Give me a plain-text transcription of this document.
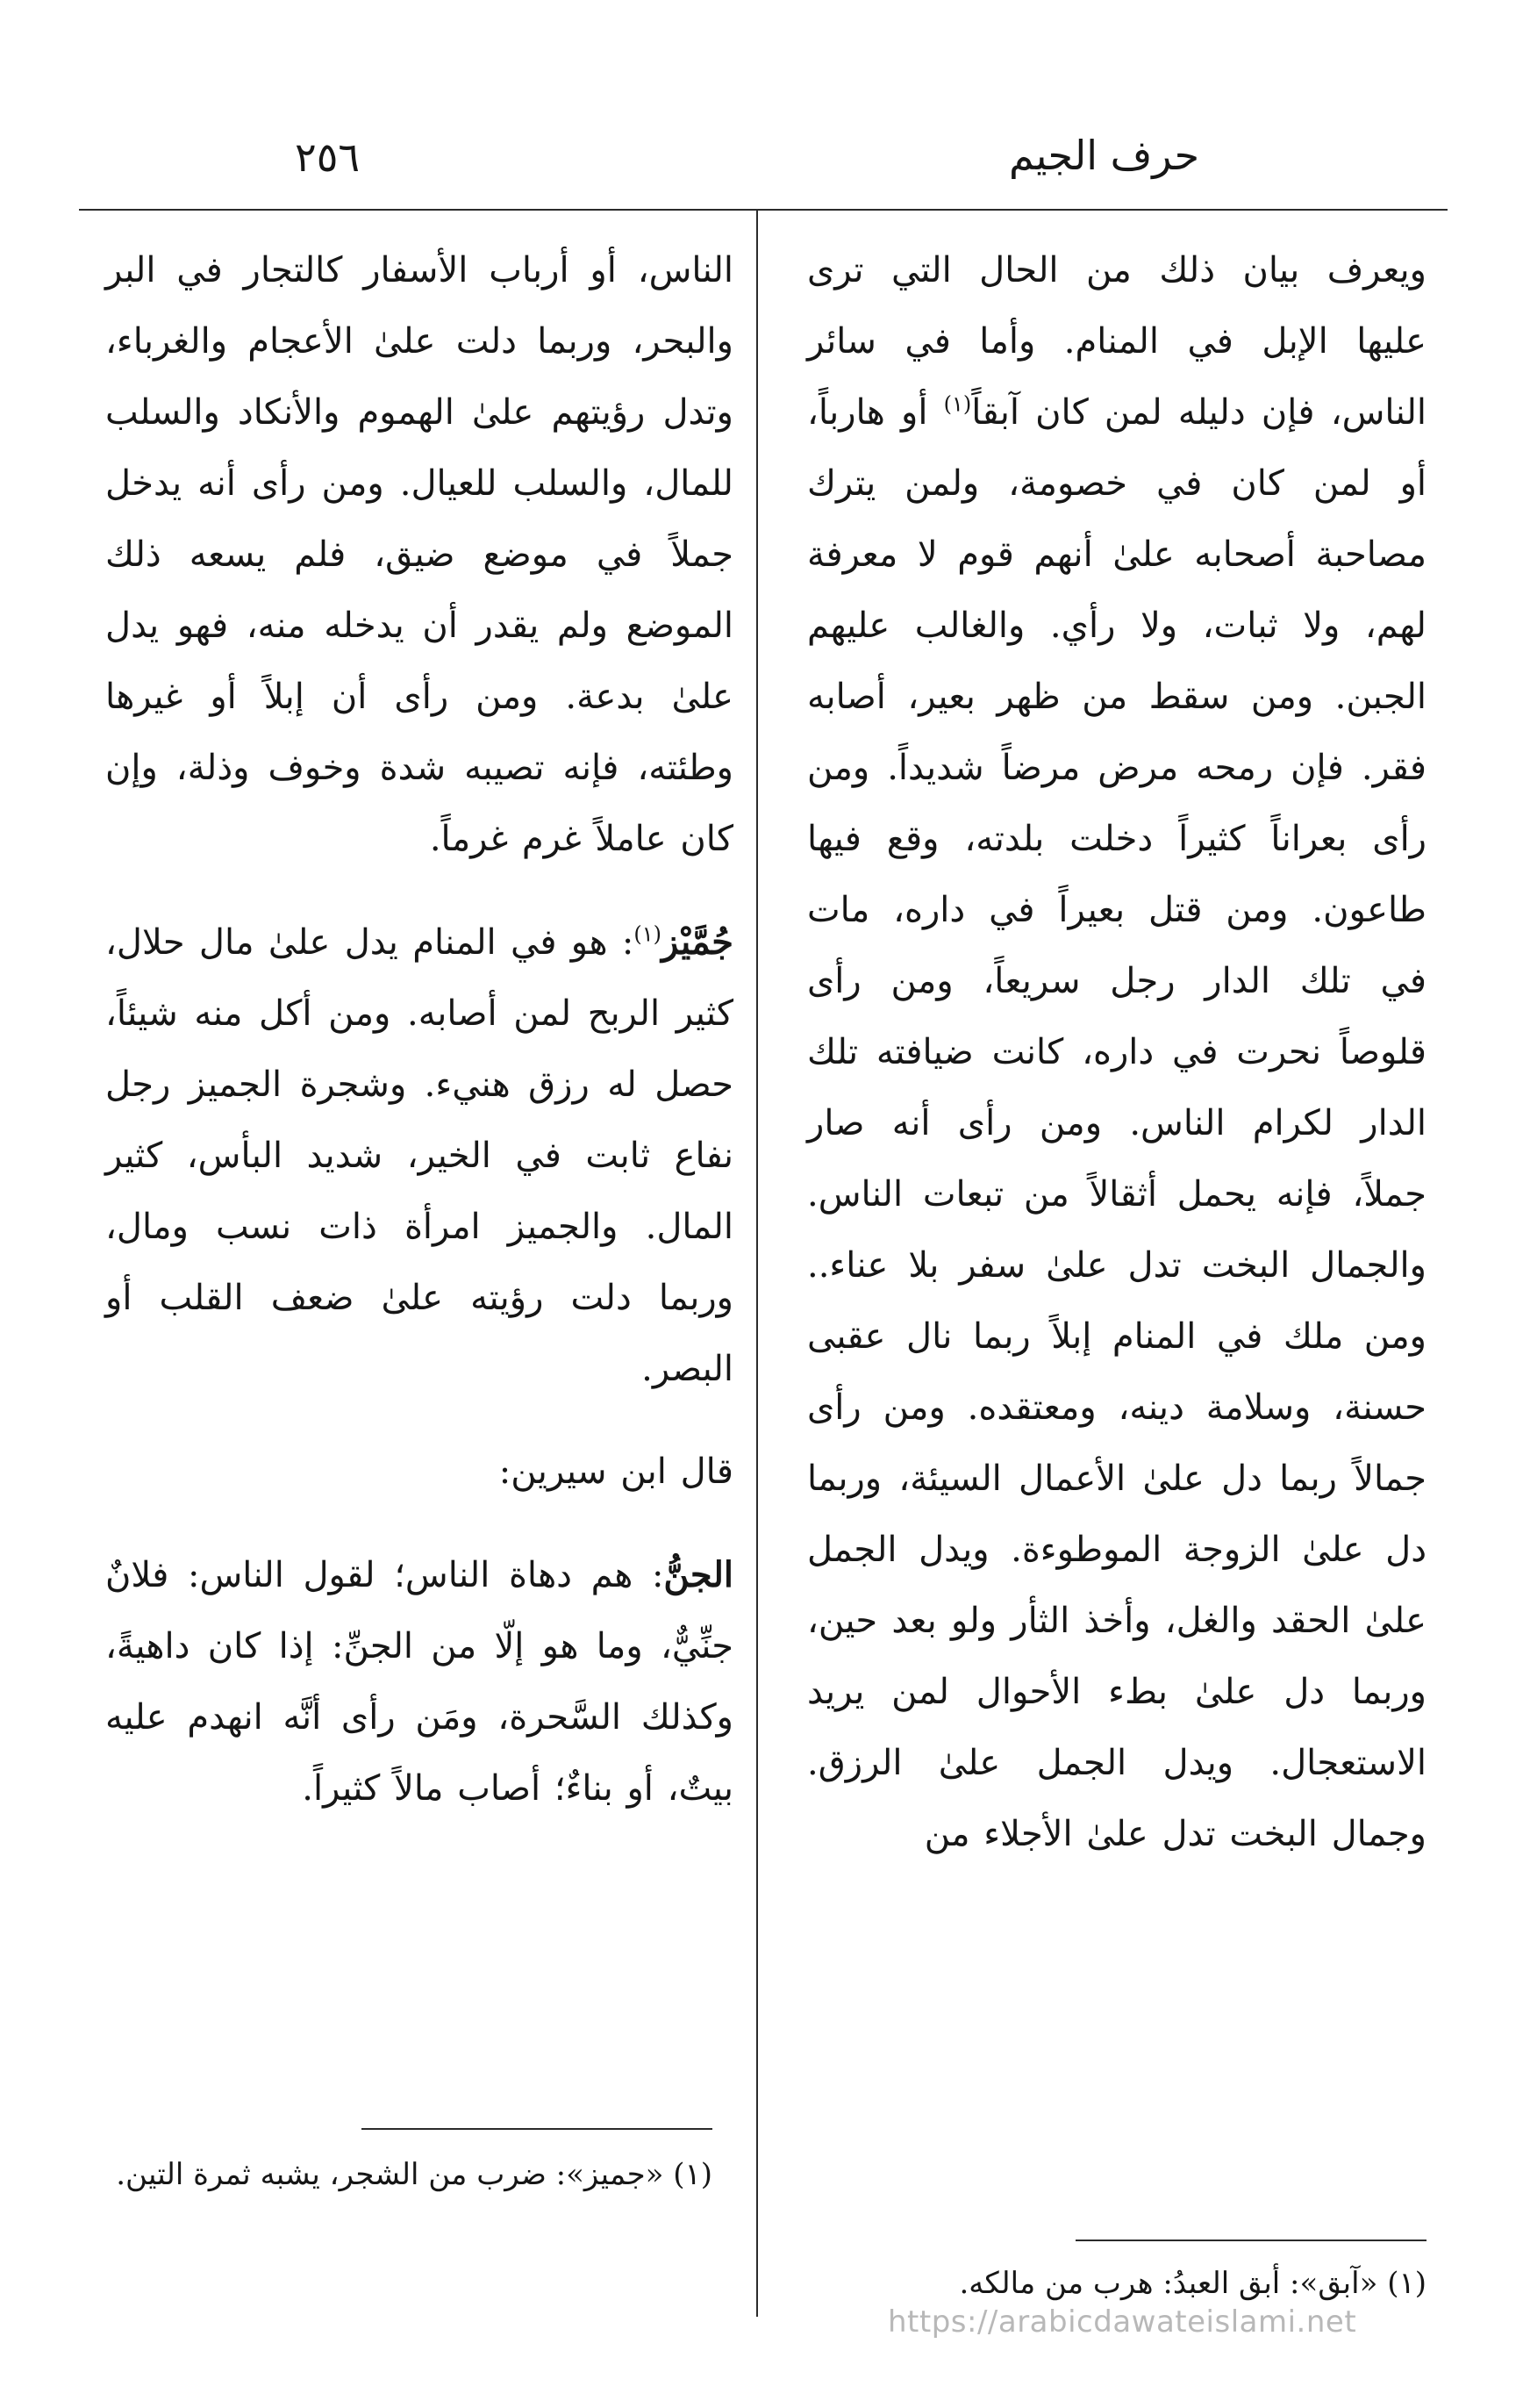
٢٥٦	حرف الجيم

ويعرف بيان ذلك من الحال التي ترى عليها الإبل في المنام. وأما في سائر الناس، فإن دليله لمن كان آبقاً$^{(١)}$ أو هارباً، أو لمن كان في خصومة، ولمن يترك مصاحبة أصحابه علىٰ أنهم قوم لا معرفة لهم، ولا ثبات، ولا رأي. والغالب عليهم الجبن. ومن سقط من ظهر بعير، أصابه فقر. فإن رمحه مرض مرضاً شديداً. ومن رأى بعراناً كثيراً دخلت بلدته، وقع فيها طاعون. ومن قتل بعيراً في داره، مات في تلك الدار رجل سريعاً، ومن رأى قلوصاً نحرت في داره، كانت ضيافته تلك الدار لكرام الناس. ومن رأى أنه صار جملاً، فإنه يحمل أثقالاً من تبعات الناس. والجمال البخت تدل علىٰ سفر بلا عناء.. ومن ملك في المنام إبلاً ربما نال عقبى حسنة، وسلامة دينه، ومعتقده. ومن رأى جمالاً ربما دل علىٰ الأعمال السيئة، وربما دل علىٰ الزوجة الموطوءة. ويدل الجمل علىٰ الحقد والغل، وأخذ الثأر ولو بعد حين، وربما دل علىٰ بطء الأحوال لمن يريد الاستعجال. ويدل الجمل علىٰ الرزق. وجمال البخت تدل علىٰ الأجلاء من

الناس، أو أرباب الأسفار كالتجار في البر والبحر، وربما دلت علىٰ الأعجام والغرباء، وتدل رؤيتهم علىٰ الهموم والأنكاد والسلب للمال، والسلب للعيال. ومن رأى أنه يدخل جملاً في موضع ضيق، فلم يسعه ذلك الموضع ولم يقدر أن يدخله منه، فهو يدل علىٰ بدعة. ومن رأى أن إبلاً أو غيرها وطئته، فإنه تصيبه شدة وخوف وذلة، وإن كان عاملاً غرم غرماً.

جُمَّيْز$^{(١)}$: هو في المنام يدل علىٰ مال حلال، كثير الربح لمن أصابه. ومن أكل منه شيئاً، حصل له رزق هنيء. وشجرة الجميز رجل نفاع ثابت في الخير، شديد البأس، كثير المال. والجميز امرأة ذات نسب ومال، وربما دلت رؤيته علىٰ ضعف القلب أو البصر.

قال ابن سيرين:

الجنُّ: هم دهاة الناس؛ لقول الناس: فلانٌ جنِّيٌّ، وما هو إلّا من الجنِّ: إذا كان داهيةً، وكذلك السَّحرة، ومَن رأى أنَّه انهدم عليه بيتٌ، أو بناءٌ؛ أصاب مالاً كثيراً.

(١) «جميز»: ضرب من الشجر، يشبه ثمرة التين.
(١) «آبق»: أبق العبدُ: هرب من مالكه.
https://arabicdawateislami.net
